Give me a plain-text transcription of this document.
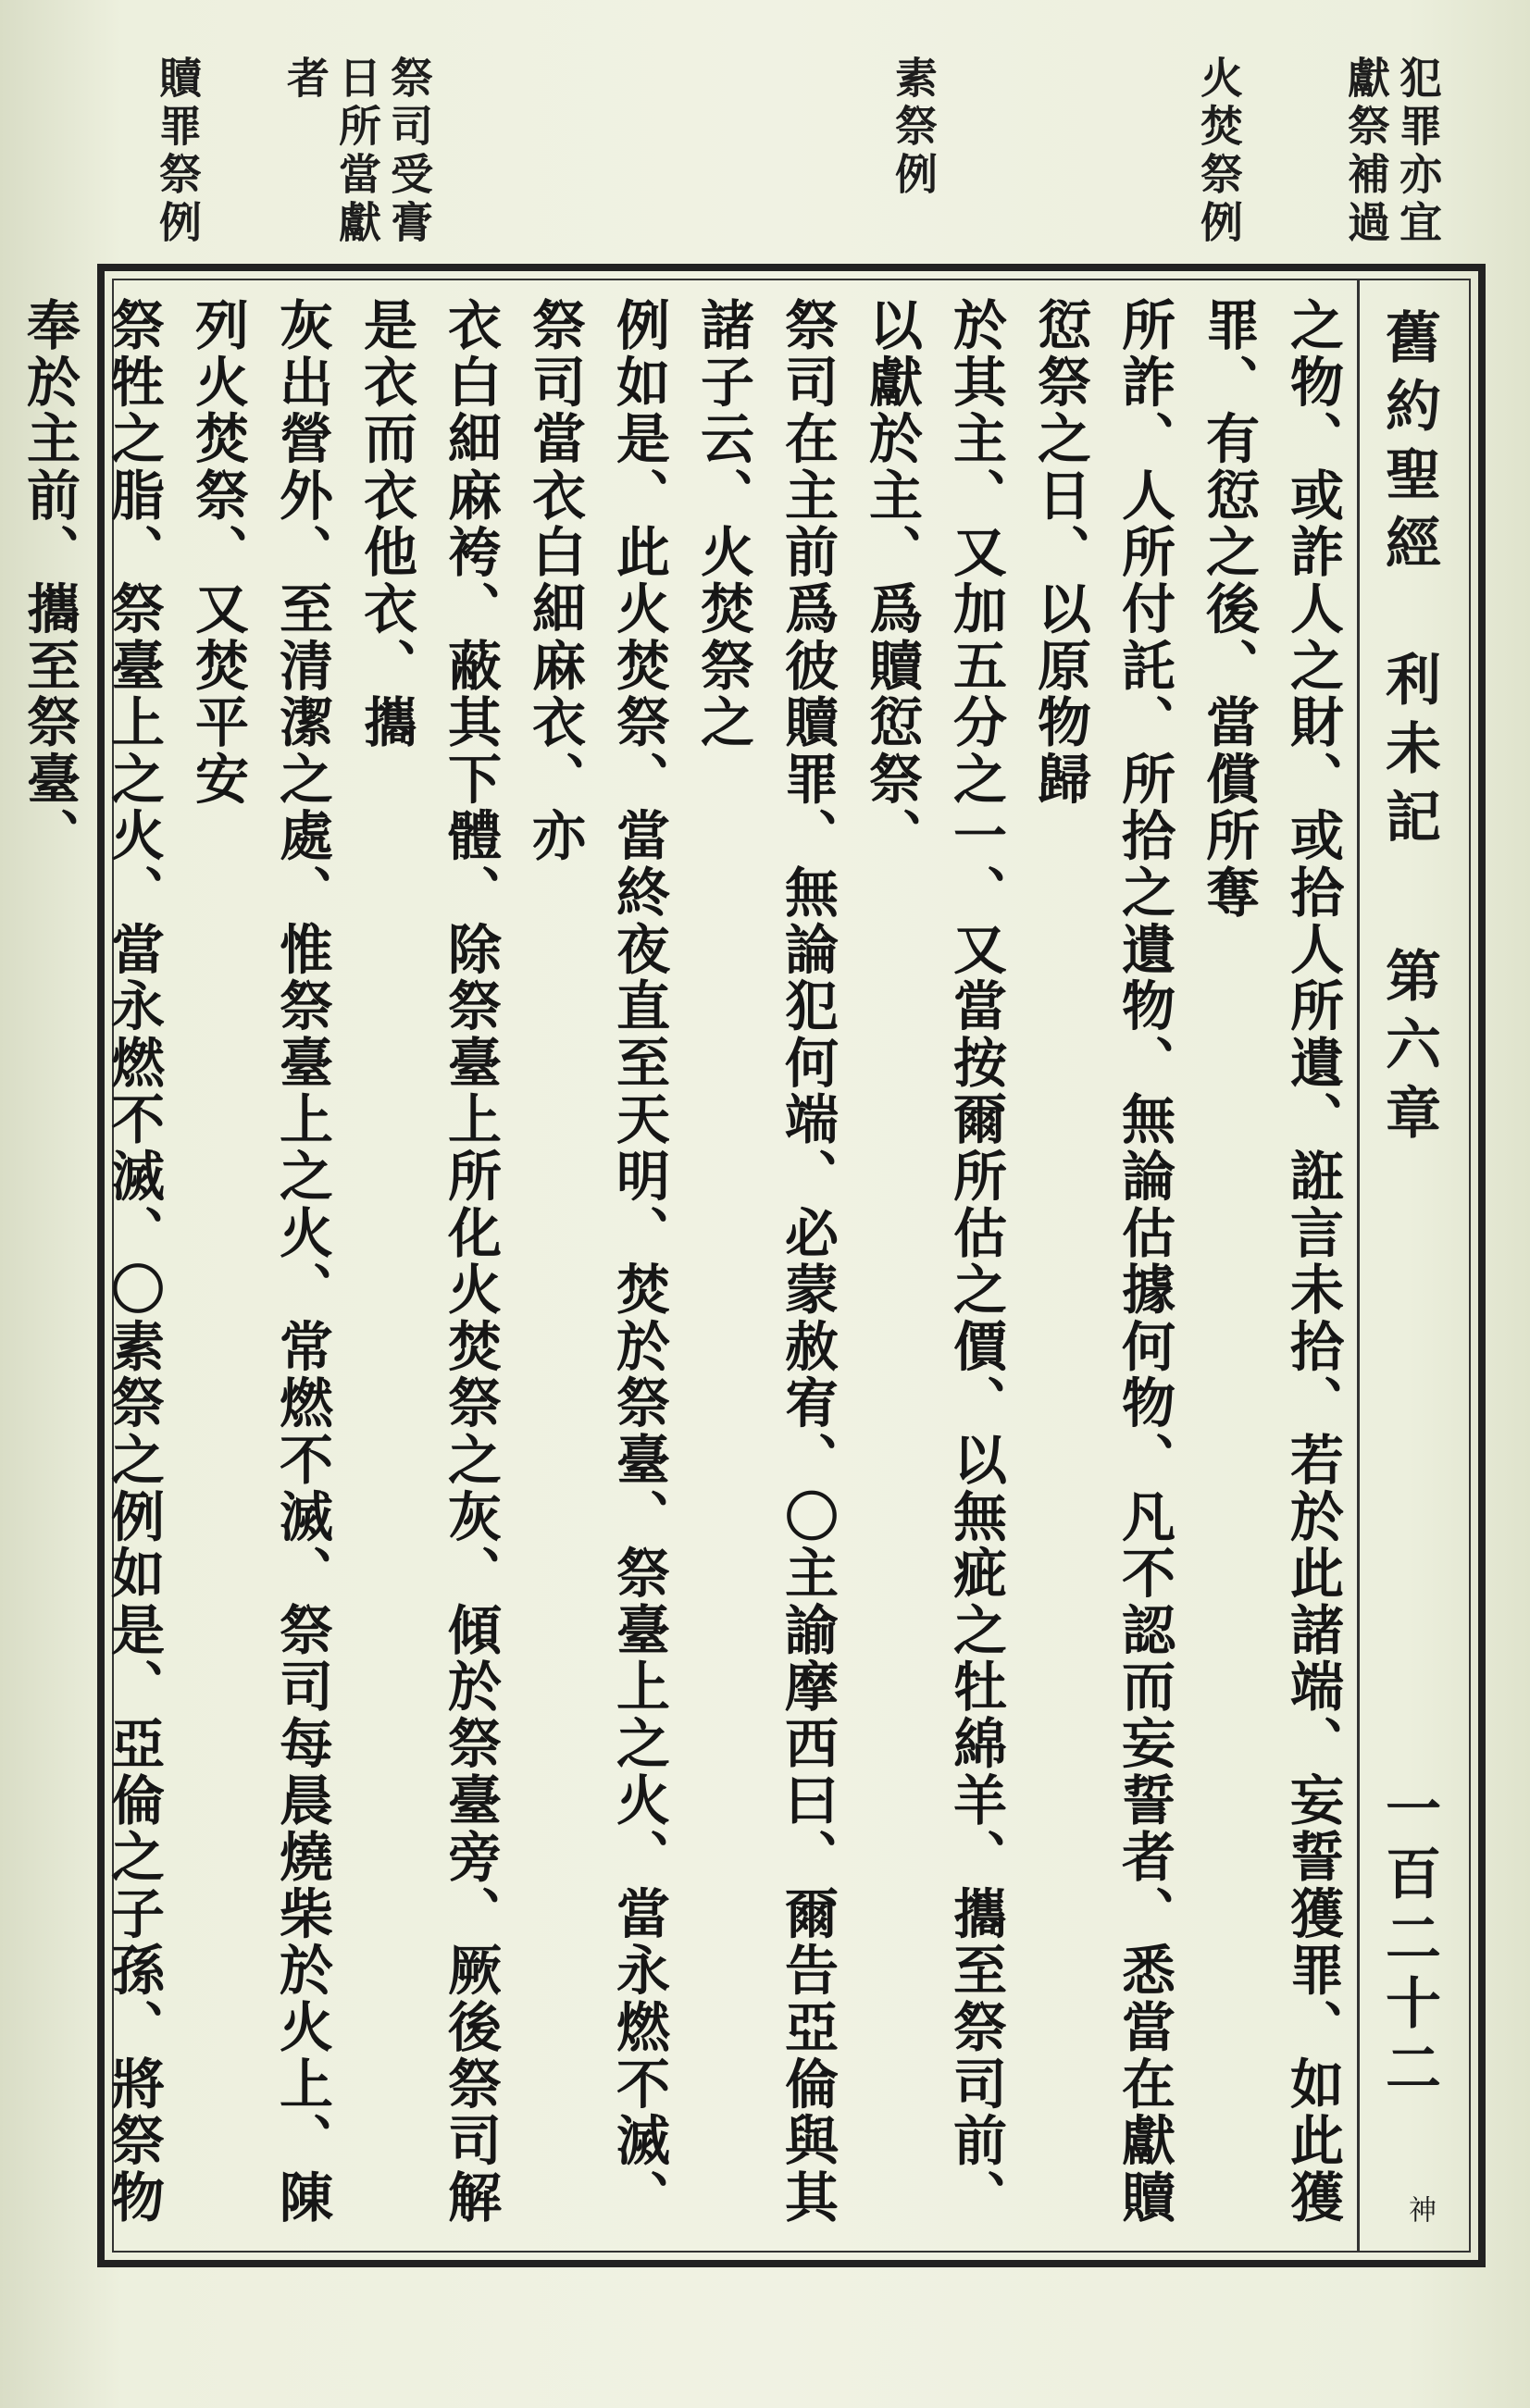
犯罪亦宜獻祭補過
火焚祭例
素祭例
祭司受膏日所當獻者
贖罪祭例
舊約聖經　利未記
第六章
一百二十二
神

之物、或詐人之財、或拾人所遺、誑言未拾、若於此諸端、妄誓獲罪、如此獲罪、有愆之後、當償所奪

所詐、人所付託、所拾之遺物、無論估據何物、凡不認而妄誓者、悉當在獻贖愆祭之日、以原物歸

於其主、又加五分之一、又當按爾所估之價、以無疵之牡綿羊、攜至祭司前、以獻於主、爲贖愆祭、

祭司在主前爲彼贖罪、無論犯何端、必蒙赦宥、〇主諭摩西曰、爾告亞倫與其諸子云、火焚祭之

例如是、此火焚祭、當終夜直至天明、焚於祭臺、祭臺上之火、當永燃不滅、祭司當衣白細麻衣、亦

衣白細麻袴、蔽其下體、除祭臺上所化火焚祭之灰、傾於祭臺旁、厥後祭司解是衣而衣他衣、攜

灰出營外、至清潔之處、惟祭臺上之火、常燃不滅、祭司每晨燒柴於火上、陳列火焚祭、又焚平安

祭牲之脂、祭臺上之火、當永燃不滅、〇素祭之例如是、亞倫之子孫、將祭物奉於主前、攜至祭臺、
